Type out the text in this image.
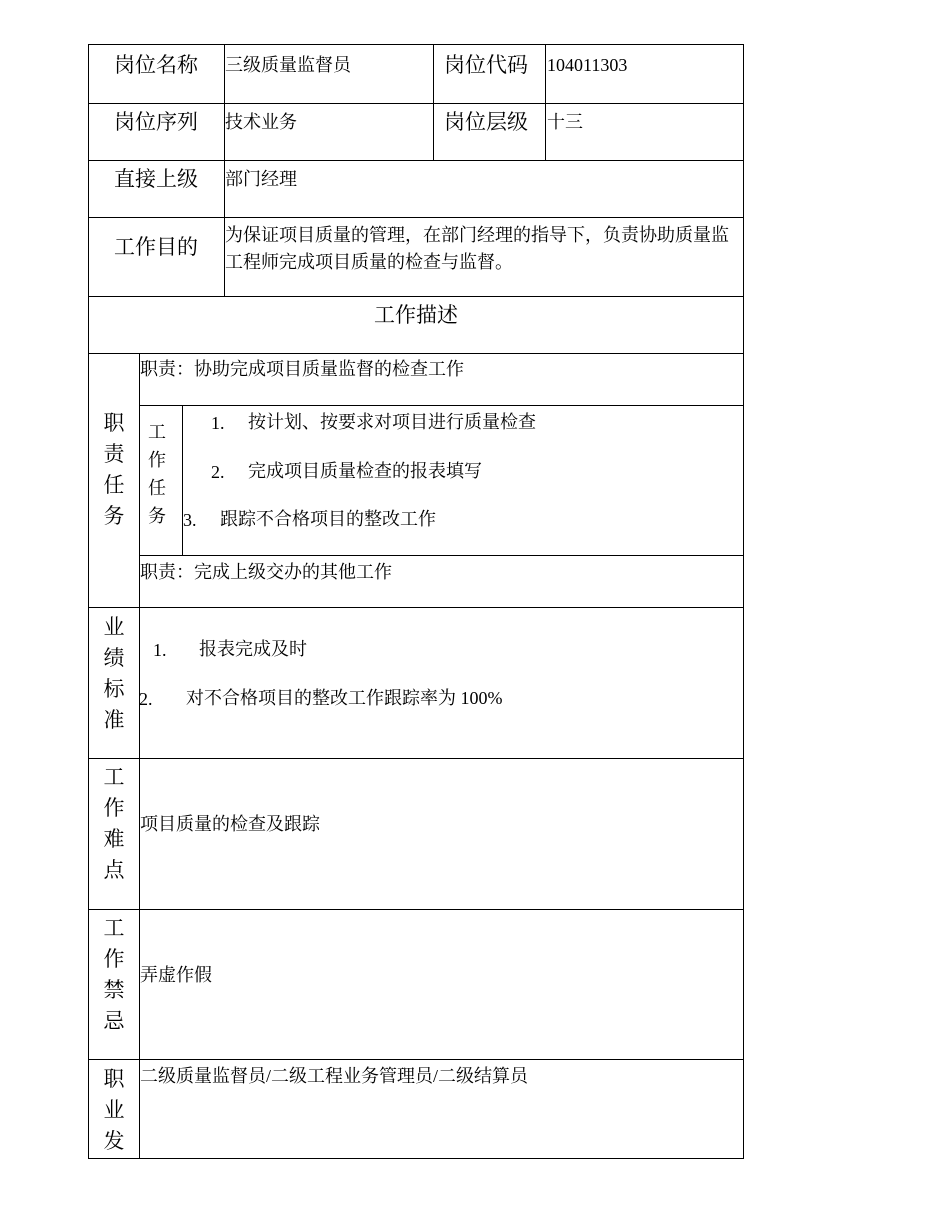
岗位名称 三级质量监督员	岗位代码 104011303
岗位序列 技术业务	岗位层级 十三
直接上级 部门经理
工作目的 为保证项目质量的管理，在部门经理的指导下，负责协助质量监工程师完成项目质量的检查与监督。
工作描述
职责任务
职责：协助完成项目质量监督的检查工作
工作任务
1. 按计划、按要求对项目进行质量检查
2. 完成项目质量检查的报表填写
3. 跟踪不合格项目的整改工作
职责：完成上级交办的其他工作
业绩标准
1. 报表完成及时
2. 对不合格项目的整改工作跟踪率为 100%
工作难点
项目质量的检查及跟踪
工作禁忌
弄虚作假
职业发
二级质量监督员/二级工程业务管理员/二级结算员
